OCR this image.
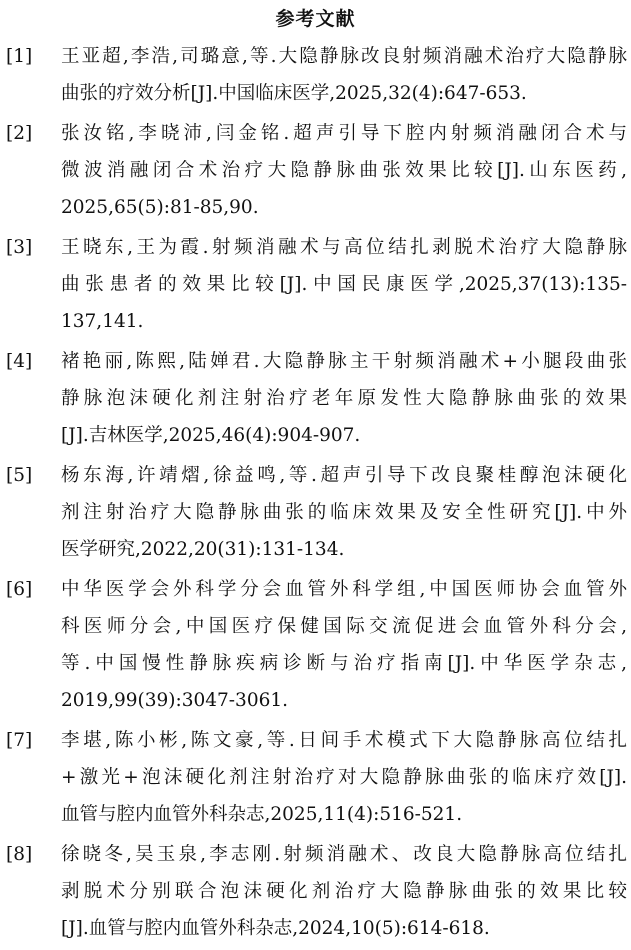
参考文献
[1] 王亚超,李浩,司璐意,等.大隐静脉改良射频消融术治疗大隐静脉
曲张的疗效分析[J].中国临床医学,2025,32(4):647-653.
[2] 张汝铭,李晓沛,闫金铭.超声引导下腔内射频消融闭合术与
微波消融闭合术治疗大隐静脉曲张效果比较[J].山东医药,
2025,65(5):81-85,90.
[3] 王晓东,王为霞.射频消融术与高位结扎剥脱术治疗大隐静脉
曲张患者的效果比较[J].中国民康医学,2025,37(13):135-
137,141.
[4] 褚艳丽,陈熙,陆婵君.大隐静脉主干射频消融术+小腿段曲张
静脉泡沫硬化剂注射治疗老年原发性大隐静脉曲张的效果
[J].吉林医学,2025,46(4):904-907.
[5] 杨东海,许靖熠,徐益鸣,等.超声引导下改良聚桂醇泡沫硬化
剂注射治疗大隐静脉曲张的临床效果及安全性研究[J].中外
医学研究,2022,20(31):131-134.
[6] 中华医学会外科学分会血管外科学组,中国医师协会血管外
科医师分会,中国医疗保健国际交流促进会血管外科分会,
等.中国慢性静脉疾病诊断与治疗指南[J].中华医学杂志,
2019,99(39):3047-3061.
[7] 李堪,陈小彬,陈文豪,等.日间手术模式下大隐静脉高位结扎
+激光+泡沫硬化剂注射治疗对大隐静脉曲张的临床疗效[J].
血管与腔内血管外科杂志,2025,11(4):516-521.
[8] 徐晓冬,吴玉泉,李志刚.射频消融术、改良大隐静脉高位结扎
剥脱术分别联合泡沫硬化剂治疗大隐静脉曲张的效果比较
[J].血管与腔内血管外科杂志,2024,10(5):614-618.
